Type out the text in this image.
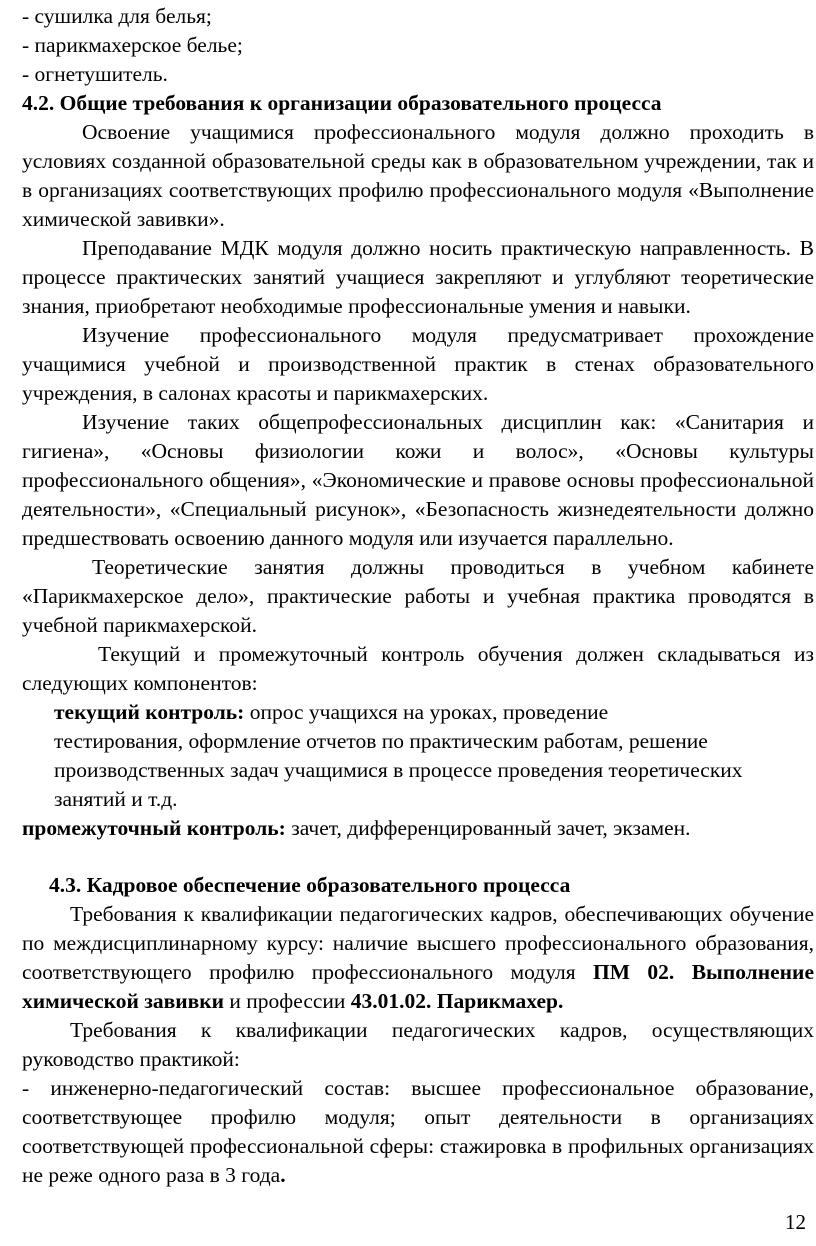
- сушилка для белья;
- парикмахерское белье;
- огнетушитель.
4.2. Общие требования к организации образовательного процесса

Освоение учащимися профессионального модуля должно проходить в условиях созданной образовательной среды как в образовательном учреждении, так и в организациях соответствующих профилю профессионального модуля «Выполнение химической завивки».

Преподавание МДК модуля должно носить практическую направленность. В процессе практических занятий учащиеся закрепляют и углубляют теоретические знания, приобретают необходимые профессиональные умения и навыки.

Изучение профессионального модуля предусматривает прохождение учащимися учебной и производственной практик в стенах образовательного учреждения, в салонах красоты и парикмахерских.

Изучение таких общепрофессиональных дисциплин как: «Санитария и гигиена», «Основы физиологии кожи и волос», «Основы культуры профессионального общения», «Экономические и правове основы профессиональной деятельности», «Специальный рисунок», «Безопасность жизнедеятельности должно предшествовать освоению данного модуля или изучается параллельно.

Теоретические занятия должны проводиться в учебном кабинете «Парикмахерское дело», практические работы и учебная практика проводятся в учебной парикмахерской.

Текущий и промежуточный контроль обучения должен складываться из следующих компонентов:

текущий контроль: опрос учащихся на уроках, проведение
тестирования, оформление отчетов по практическим работам, решение
производственных задач учащимися в процессе проведения теоретических
занятий и т.д.
промежуточный контроль: зачет, дифференцированный зачет, экзамен.
4.3. Кадровое обеспечение образовательного процесса

Требования к квалификации педагогических кадров, обеспечивающих обучение по междисциплинарному курсу: наличие высшего профессионального образования, соответствующего профилю профессионального модуля ПМ 02. Выполнение химической завивки и профессии 43.01.02. Парикмахер.

Требования к квалификации педагогических кадров, осуществляющих руководство практикой:

- инженерно-педагогический состав: высшее профессиональное образование, соответствующее профилю модуля; опыт деятельности в организациях соответствующей профессиональной сферы: стажировка в профильных организациях не реже одного раза в 3 года.

12
